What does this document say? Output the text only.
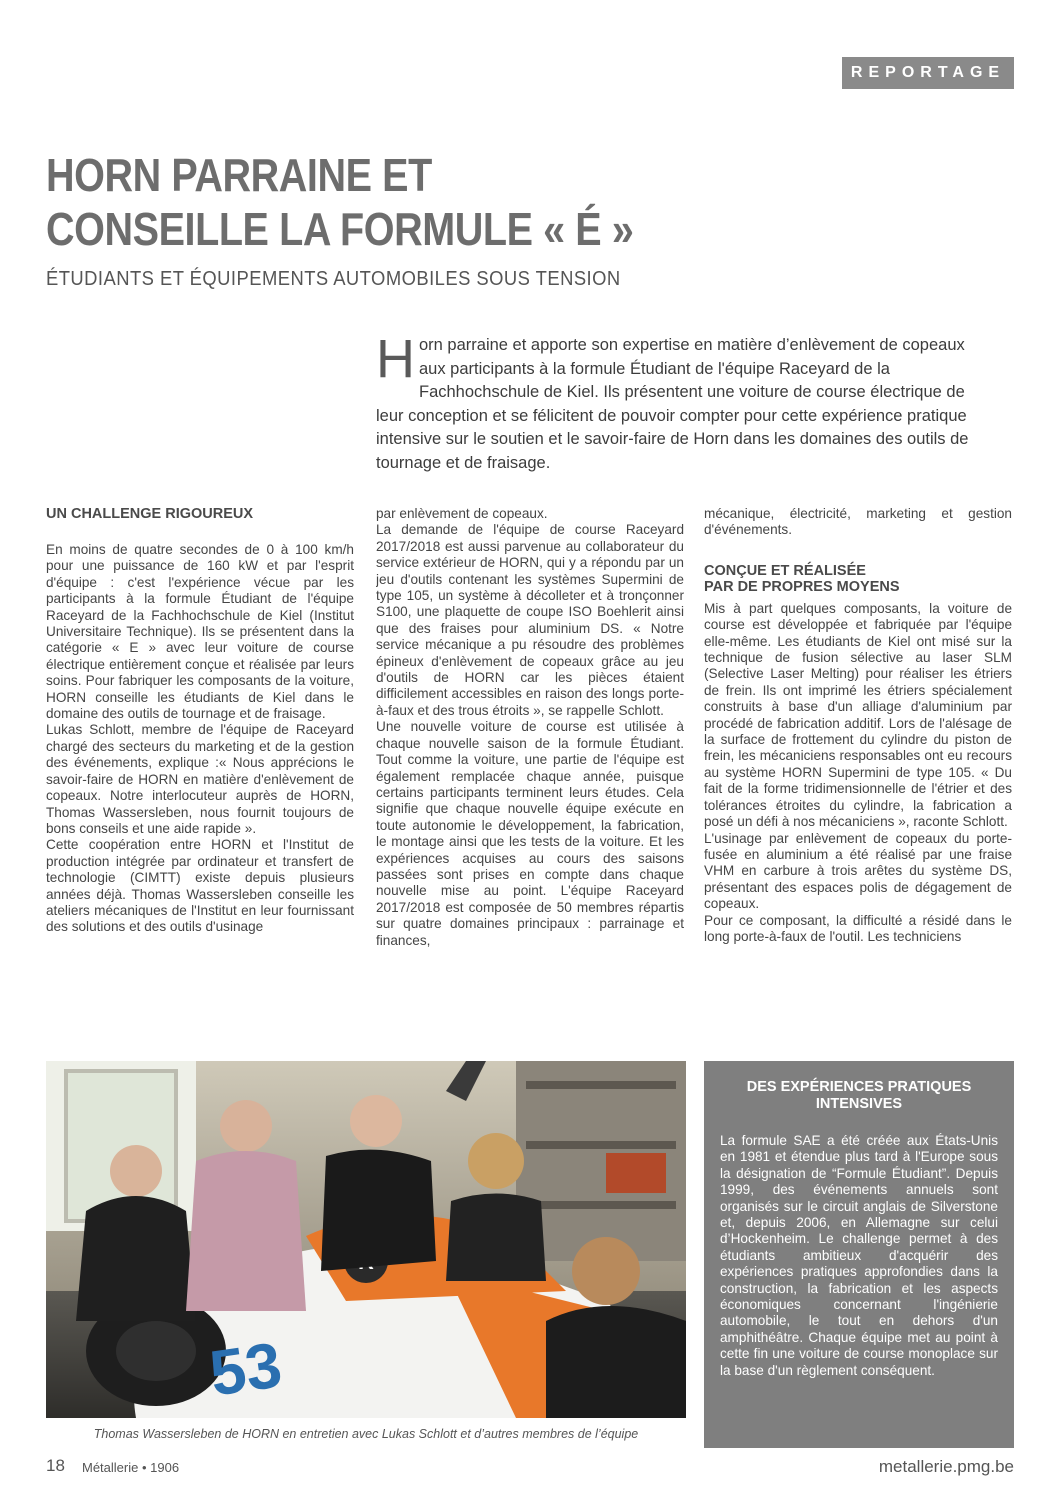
REPORTAGE
HORN PARRAINE ET
CONSEILLE LA FORMULE « É »
ÉTUDIANTS ET ÉQUIPEMENTS AUTOMOBILES SOUS TENSION
Horn parraine et apporte son expertise en matière d’enlèvement de copeaux aux participants à la formule Étudiant de l'équipe Raceyard de la Fachhochschule de Kiel. Ils présentent une voiture de course électrique de leur conception et se félicitent de pouvoir compter pour cette expérience pratique intensive sur le soutien et le savoir-faire de Horn dans les domaines des outils de tournage et de fraisage.
UN CHALLENGE RIGOUREUX

En moins de quatre secondes de 0 à 100 km/h pour une puissance de 160 kW et par l'esprit d'équipe : c'est l'expérience vécue par les participants à la formule Étudiant de l'équipe Raceyard de la Fachhochschule de Kiel (Institut Universitaire Technique). Ils se présentent dans la catégorie « E » avec leur voiture de course électrique entièrement conçue et réalisée par leurs soins. Pour fabriquer les composants de la voiture, HORN conseille les étudiants de Kiel dans le domaine des outils de tournage et de fraisage.

Lukas Schlott, membre de l'équipe de Raceyard chargé des secteurs du marketing et de la gestion des événements, explique :« Nous apprécions le savoir-faire de HORN en matière d'enlèvement de copeaux. Notre interlocuteur auprès de HORN, Thomas Wassersleben, nous fournit toujours de bons conseils et une aide rapide ».

Cette coopération entre HORN et l'Institut de production intégrée par ordinateur et transfert de technologie (CIMTT) existe depuis plusieurs années déjà. Thomas Wassersleben conseille les ateliers mécaniques de l'Institut en leur fournissant des solutions et des outils d'usinage

par enlèvement de copeaux.

La demande de l'équipe de course Raceyard 2017/2018 est aussi parvenue au collaborateur du service extérieur de HORN, qui y a répondu par un jeu d'outils contenant les systèmes Supermini de type 105, un système à décolleter et à tronçonner S100, une plaquette de coupe ISO Boehlerit ainsi que des fraises pour aluminium DS. « Notre service mécanique a pu résoudre des problèmes épineux d'enlèvement de copeaux grâce au jeu d'outils de HORN car les pièces étaient difficilement accessibles en raison des longs porte-à-faux et des trous étroits », se rappelle Schlott.

Une nouvelle voiture de course est utilisée à chaque nouvelle saison de la formule Étudiant. Tout comme la voiture, une partie de l'équipe est également remplacée chaque année, puisque certains participants terminent leurs études. Cela signifie que chaque nouvelle équipe exécute en toute autonomie le développement, la fabrication, le montage ainsi que les tests de la voiture. Et les expériences acquises au cours des saisons passées sont prises en compte dans chaque nouvelle mise au point. L'équipe Raceyard 2017/2018 est composée de 50 membres répartis sur quatre domaines principaux : parrainage et finances,

mécanique, électricité, marketing et gestion d'événements.

CONÇUE ET RÉALISÉE
PAR DE PROPRES MOYENS

Mis à part quelques composants, la voiture de course est développée et fabriquée par l'équipe elle-même. Les étudiants de Kiel ont misé sur la technique de fusion sélective au laser SLM (Selective Laser Melting) pour réaliser les étriers de frein. Ils ont imprimé les étriers spécialement construits à base d'un alliage d'aluminium par procédé de fabrication additif. Lors de l'alésage de la surface de frottement du cylindre du piston de frein, les mécaniciens responsables ont eu recours au système HORN Supermini de type 105. « Du fait de la forme tridimensionnelle de l'étrier et des tolérances étroites du cylindre, la fabrication a posé un défi à nos mécaniciens », raconte Schlott.

L'usinage par enlèvement de copeaux du porte-fusée en aluminium a été réalisé par une fraise VHM en carbure à trois arêtes du système DS, présentant des espaces polis de dégagement de copeaux.

Pour ce composant, la difficulté a résidé dans le long porte-à-faux de l'outil. Les techniciens

53
Thomas Wassersleben de HORN en entretien avec Lukas Schlott et d’autres membres de l’équipe
DES EXPÉRIENCES PRATIQUES
INTENSIVES

La formule SAE a été créée aux États-Unis en 1981 et étendue plus tard à l'Europe sous la désignation de “Formule Étudiant”. Depuis 1999, des événements annuels sont organisés sur le circuit anglais de Silverstone et, depuis 2006, en Allemagne sur celui d’Hockenheim. Le challenge permet à des étudiants ambitieux d'acquérir des expériences pratiques approfondies dans la construction, la fabrication et les aspects économiques concernant l'ingénierie automobile, le tout en dehors d'un amphithéâtre. Chaque équipe met au point à cette fin une voiture de course monoplace sur la base d'un règlement conséquent.

18 Métallerie • 1906	metallerie.pmg.be
